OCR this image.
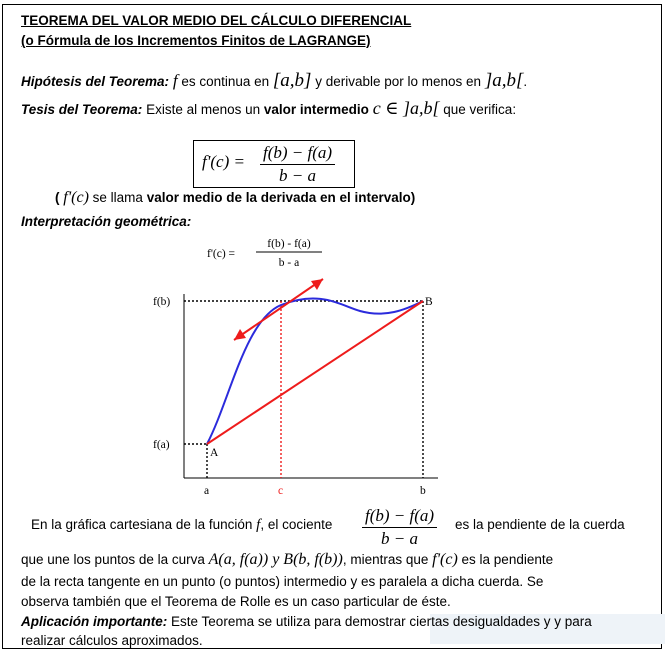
TEOREMA DEL VALOR MEDIO DEL CÁLCULO DIFERENCIAL
(o Fórmula de los Incrementos Finitos de LAGRANGE)
Hipótesis del Teorema: f es continua en [a,b] y derivable por lo menos en ]a,b[.
Tesis del Teorema: Existe al menos un valor intermedio c ∈ ]a,b[ que verifica:
$f'(c) = \frac{f(b) - f(a)}{b - a}$
( f'(c) se llama valor medio de la derivada en el intervalo)
Interpretación geométrica:
f'(c) =
f(b) - f(a)
b - a
f(b)
f(a)
A
B
a	c	b
En la gráfica cartesiana de la función f, el cociente $\frac{f(b) - f(a)}{b - a}$ es la pendiente de la cuerda
que une los puntos de la curva A(a, f(a)) y B(b, f(b)), mientras que f'(c) es la pendiente
de la recta tangente en un punto (o puntos) intermedio y es paralela a dicha cuerda. Se
observa también que el Teorema de Rolle es un caso particular de éste.
Aplicación importante: Este Teorema se utiliza para demostrar ciertas desigualdades y y para
realizar cálculos aproximados.
